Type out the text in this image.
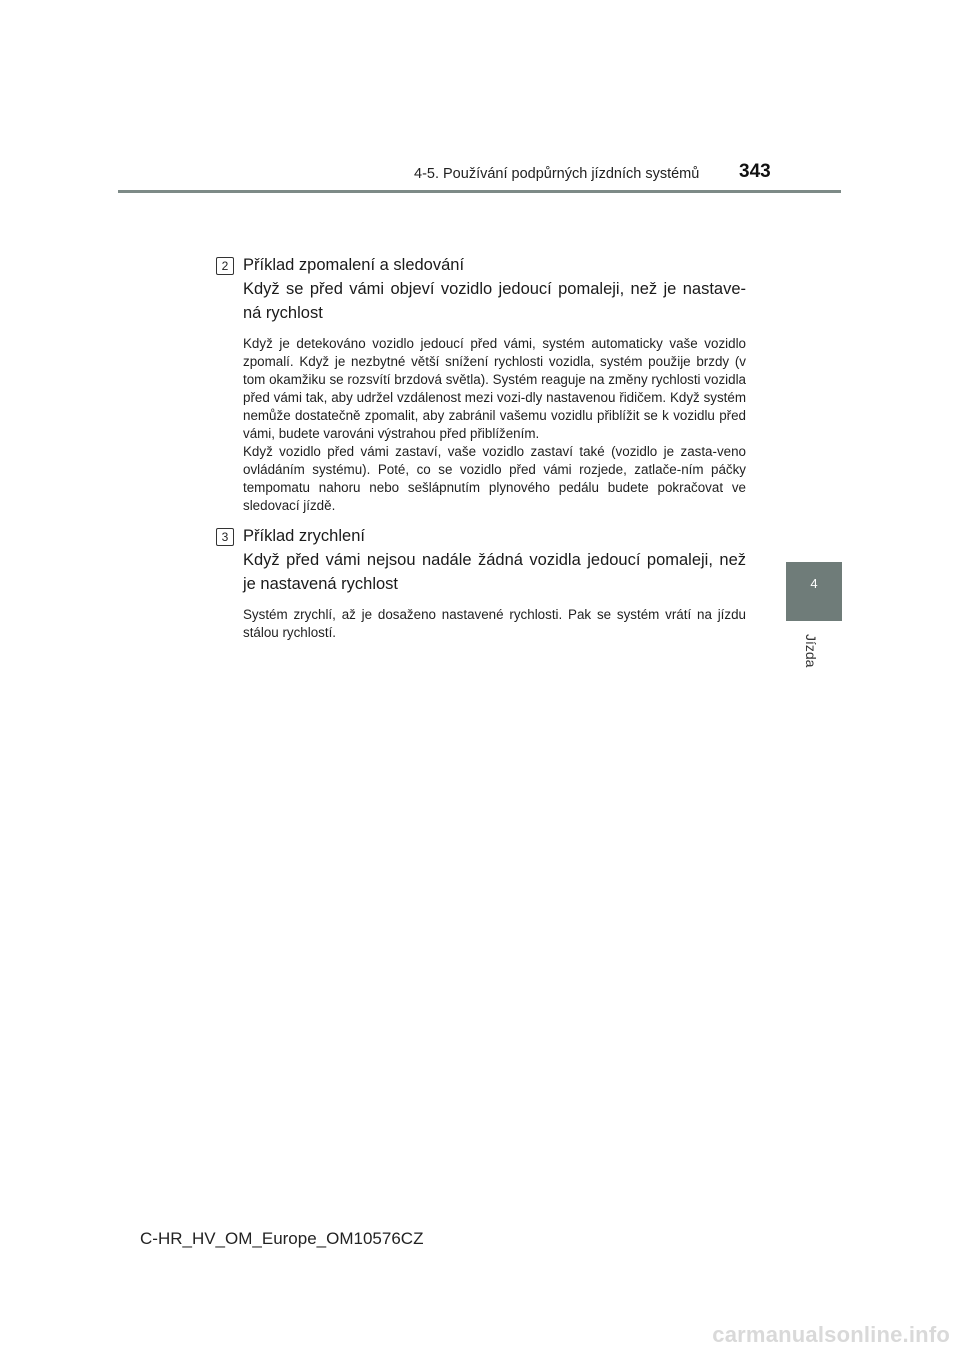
4-5. Používání podpůrných jízdních systémů 343
4
Jízda
2 Příklad zpomalení a sledování
Když se před vámi objeví vozidlo jedoucí pomaleji, než je nastave-ná rychlost

Když je detekováno vozidlo jedoucí před vámi, systém automaticky vaše vozidlo zpomalí. Když je nezbytné větší snížení rychlosti vozidla, systém použije brzdy (v tom okamžiku se rozsvítí brzdová světla). Systém reaguje na změny rychlosti vozidla před vámi tak, aby udržel vzdálenost mezi vozi-dly nastavenou řidičem. Když systém nemůže dostatečně zpomalit, aby zabránil vašemu vozidlu přiblížit se k vozidlu před vámi, budete varováni výstrahou před přiblížením.

Když vozidlo před vámi zastaví, vaše vozidlo zastaví také (vozidlo je zasta-veno ovládáním systému). Poté, co se vozidlo před vámi rozjede, zatlače-ním páčky tempomatu nahoru nebo sešlápnutím plynového pedálu budete pokračovat ve sledovací jízdě.

3 Příklad zrychlení
Když před vámi nejsou nadále žádná vozidla jedoucí pomaleji, než je nastavená rychlost

Systém zrychlí, až je dosaženo nastavené rychlosti. Pak se systém vrátí na jízdu stálou rychlostí.

C-HR_HV_OM_Europe_OM10576CZ
carmanualsonline.info
